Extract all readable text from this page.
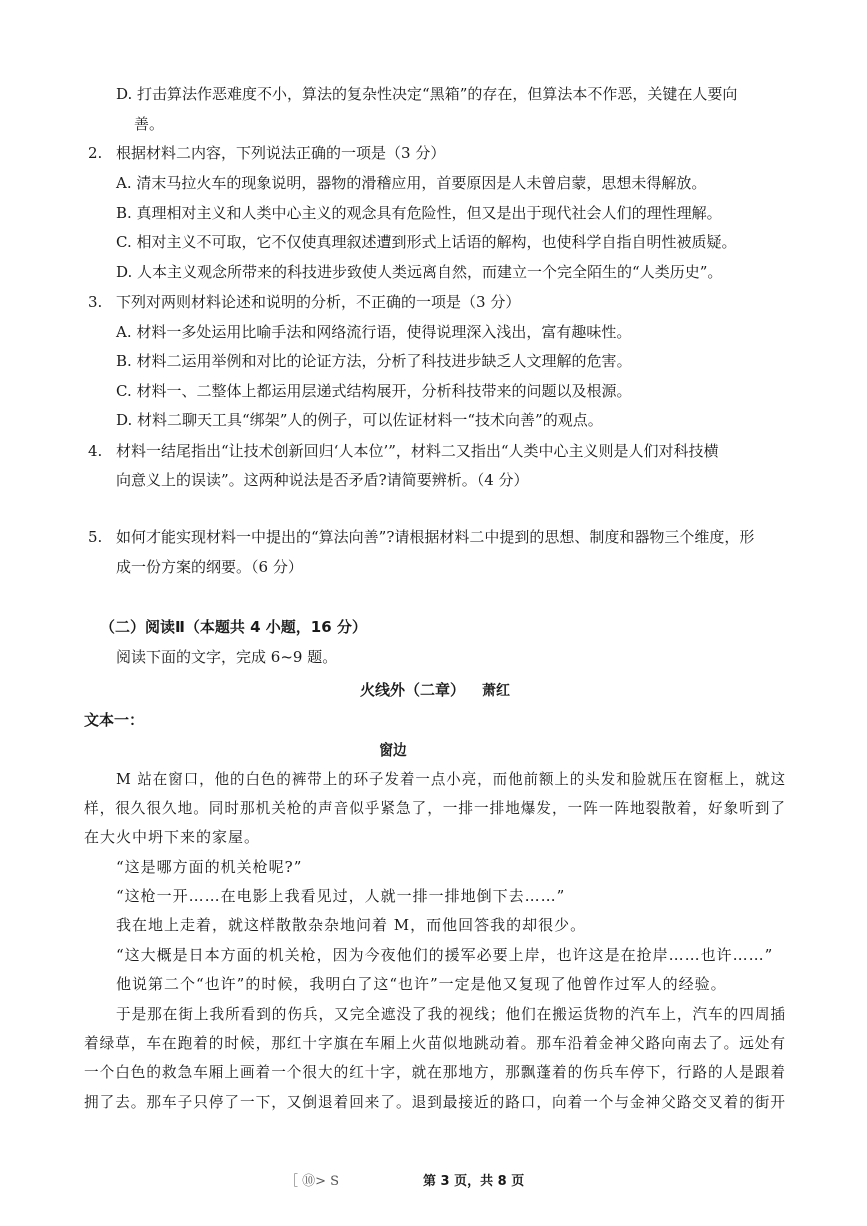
D. 打击算法作恶难度不小，算法的复杂性决定“黑箱”的存在，但算法本不作恶，关键在人要向
善。
2. 根据材料二内容，下列说法正确的一项是（3 分）
A. 清末马拉火车的现象说明，器物的滑稽应用，首要原因是人未曾启蒙，思想未得解放。
B. 真理相对主义和人类中心主义的观念具有危险性，但又是出于现代社会人们的理性理解。
C. 相对主义不可取，它不仅使真理叙述遭到形式上话语的解构，也使科学自指自明性被质疑。
D. 人本主义观念所带来的科技进步致使人类远离自然，而建立一个完全陌生的“人类历史”。
3. 下列对两则材料论述和说明的分析，不正确的一项是（3 分）
A. 材料一多处运用比喻手法和网络流行语，使得说理深入浅出，富有趣味性。
B. 材料二运用举例和对比的论证方法，分析了科技进步缺乏人文理解的危害。
C. 材料一、二整体上都运用层递式结构展开，分析科技带来的问题以及根源。
D. 材料二聊天工具“绑架”人的例子，可以佐证材料一“技术向善”的观点。
4. 材料一结尾指出“让技术创新回归‘人本位’”，材料二又指出“人类中心主义则是人们对科技横
向意义上的误读”。这两种说法是否矛盾?请简要辨析。（4 分）
5. 如何才能实现材料一中提出的“算法向善”?请根据材料二中提到的思想、制度和器物三个维度，形
成一份方案的纲要。（6 分）
（二）阅读Ⅱ（本题共 4 小题，16 分）
阅读下面的文字，完成 6~9 题。
火线外（二章） 萧红
文本一：
窗边
M 站在窗口，他的白色的裤带上的环子发着一点小亮，而他前额上的头发和脸就压在窗框上，就这
样，很久很久地。同时那机关枪的声音似乎紧急了，一排一排地爆发，一阵一阵地裂散着，好象听到了
在大火中坍下来的家屋。
“这是哪方面的机关枪呢?”
“这枪一开……在电影上我看见过，人就一排一排地倒下去……”
我在地上走着，就这样散散杂杂地问着 M，而他回答我的却很少。
“这大概是日本方面的机关枪，因为今夜他们的援军必要上岸，也许这是在抢岸……也许……”
他说第二个“也许”的时候，我明白了这“也许”一定是他又复现了他曾作过军人的经验。
于是那在街上我所看到的伤兵，又完全遮没了我的视线；他们在搬运货物的汽车上，汽车的四周插
着绿草，车在跑着的时候，那红十字旗在车厢上火苗似地跳动着。那车沿着金神父路向南去了。远处有
一个白色的救急车厢上画着一个很大的红十字，就在那地方，那飘蓬着的伤兵车停下，行路的人是跟着
拥了去。那车子只停了一下，又倒退着回来了。退到最接近的路口，向着一个与金神父路交叉着的街开
［ ⑩> S	第 3 页，共 8 页
